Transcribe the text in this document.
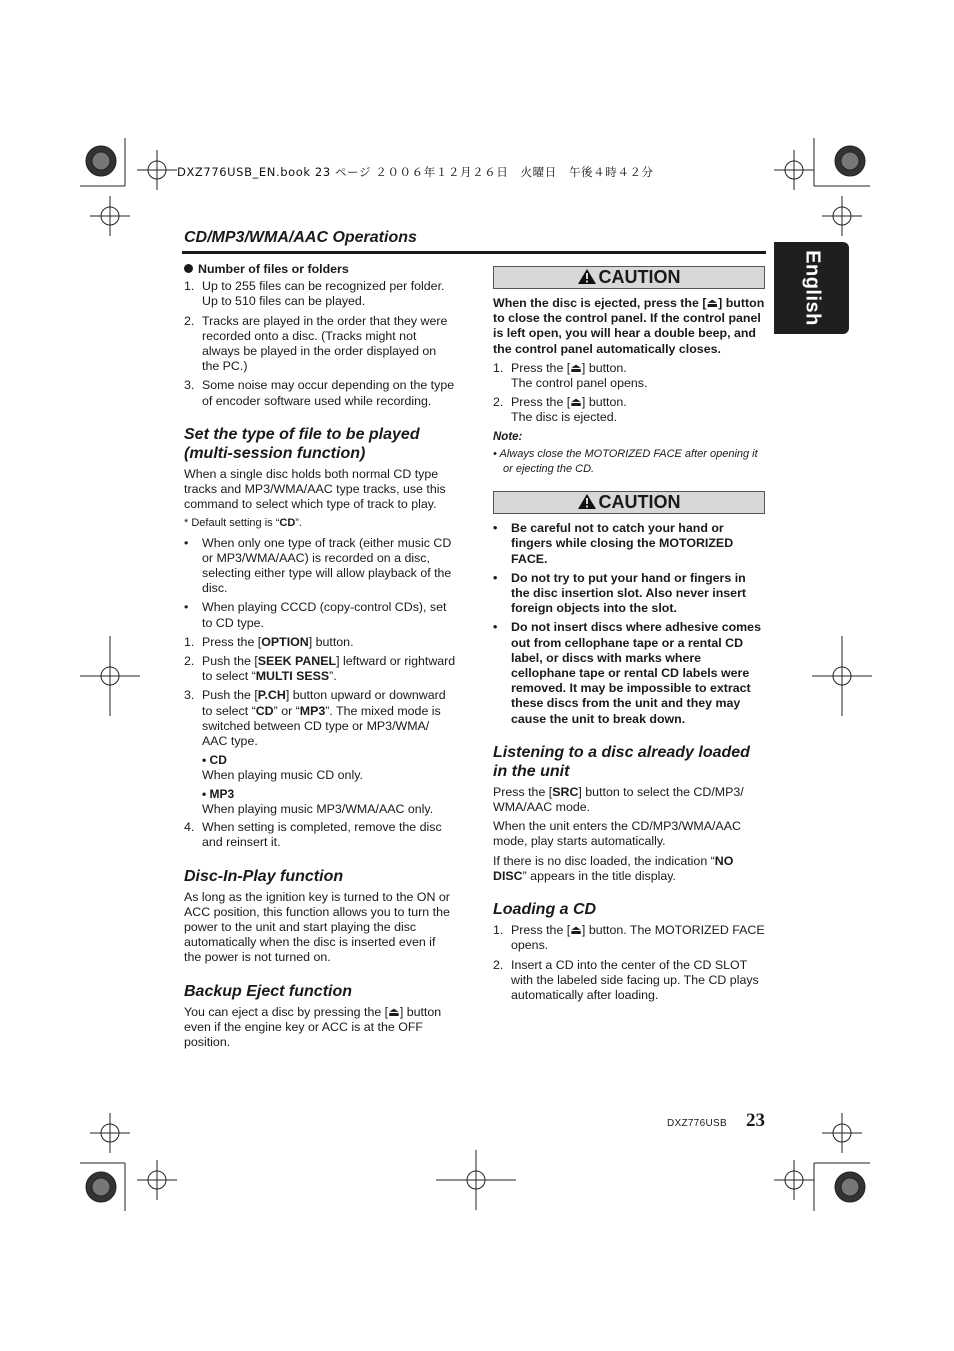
DXZ776USB_EN.book 23 ページ ２００６年１２月２６日　火曜日　午後４時４２分
CD/MP3/WMA/AAC Operations
English
Number of files or folders
1. Up to 255 files can be recognized per folder. Up to 510 files can be played.
2. Tracks are played in the order that they were recorded onto a disc. (Tracks might not always be played in the order displayed on the PC.)
3. Some noise may occur depending on the type of encoder software used while recording.
Set the type of file to be played (multi-session function)

When a single disc holds both normal CD type tracks and MP3/WMA/AAC type tracks, use this command to select which type of track to play.

* Default setting is “CD”.

• When only one type of track (either music CD or MP3/WMA/AAC) is recorded on a disc, selecting either type will allow playback of the disc.
• When playing CCCD (copy-control CDs), set to CD type.
1. Press the [OPTION] button.
2. Push the [SEEK PANEL] leftward or rightward to select “MULTI SESS”.
3. Push the [P.CH] button upward or downward to select “CD” or “MP3”. The mixed mode is switched between CD type or MP3/WMA/ AAC type.
• CD
When playing music CD only.
• MP3
When playing music MP3/WMA/AAC only.
4. When setting is completed, remove the disc and reinsert it.
Disc-In-Play function

As long as the ignition key is turned to the ON or ACC position, this function allows you to turn the power to the unit and start playing the disc automatically when the disc is inserted even if the power is not turned on.

Backup Eject function

You can eject a disc by pressing the [⏏] button even if the engine key or ACC is at the OFF position.

CAUTION

When the disc is ejected, press the [⏏] button to close the control panel. If the control panel is left open, you will hear a double beep, and the control panel automatically closes.

1. Press the [⏏] button.
The control panel opens.
2. Press the [⏏] button.
The disc is ejected.
Note:
• Always close the MOTORIZED FACE after opening it or ejecting the CD.
CAUTION
• Be careful not to catch your hand or fingers while closing the MOTORIZED FACE.
• Do not try to put your hand or fingers in the disc insertion slot. Also never insert foreign objects into the slot.
• Do not insert discs where adhesive comes out from cellophane tape or a rental CD label, or discs with marks where cellophane tape or rental CD labels were removed. It may be impossible to extract these discs from the unit and they may cause the unit to break down.
Listening to a disc already loaded in the unit

Press the [SRC] button to select the CD/MP3/ WMA/AAC mode.

When the unit enters the CD/MP3/WMA/AAC mode, play starts automatically.

If there is no disc loaded, the indication “NO DISC” appears in the title display.

Loading a CD
1. Press the [⏏] button. The MOTORIZED FACE opens.
2. Insert a CD into the center of the CD SLOT with the labeled side facing up. The CD plays automatically after loading.
DXZ776USB 23
